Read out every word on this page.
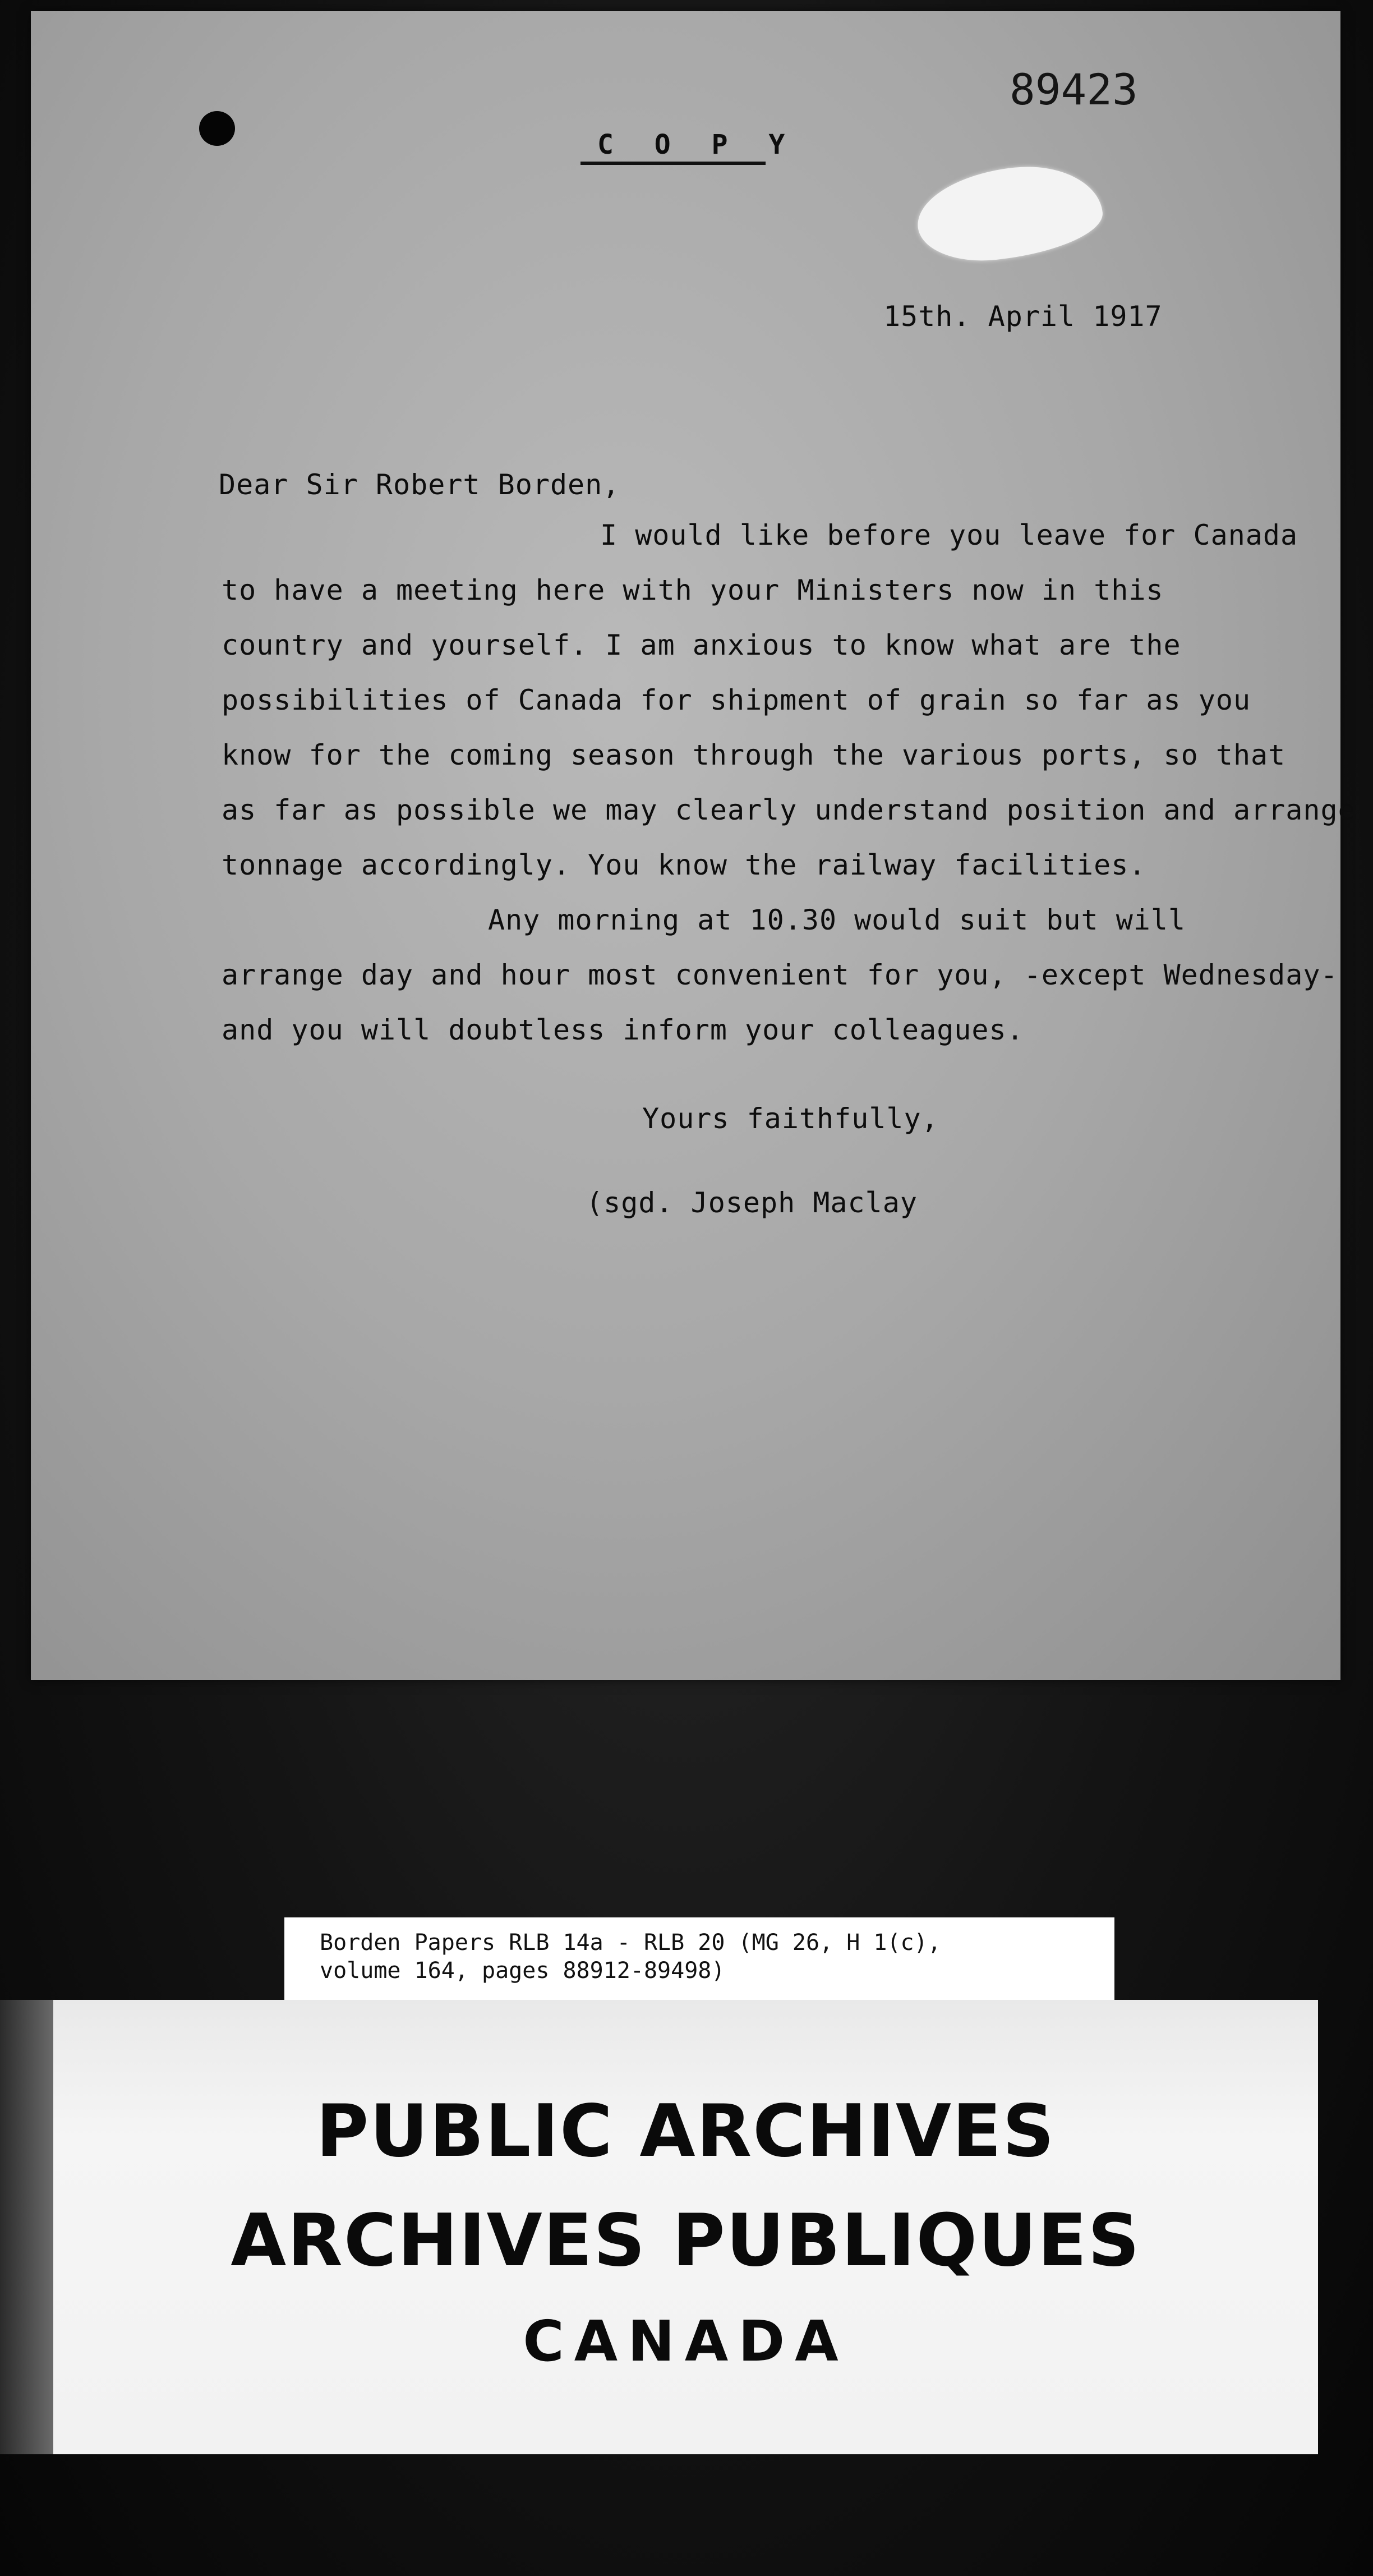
89423
C O P Y
15th. April 1917
Dear Sir Robert Borden,
I would like before you leave for Canada
to have a meeting here with your Ministers now in this
country and yourself. I am anxious to know what are the
possibilities of Canada for shipment of grain so far as you
know for the coming season through the various ports, so that
as far as possible we may clearly understand position and arrange
tonnage accordingly. You know the railway facilities.
Any morning at 10.30 would suit but will
arrange day and hour most convenient for you, -except Wednesday-
and you will doubtless inform your colleagues.
Yours faithfully,
(sgd. Joseph Maclay
Borden Papers RLB 14a - RLB 20 (MG 26, H 1(c),
volume 164, pages 88912-89498)
PUBLIC ARCHIVES
ARCHIVES PUBLIQUES
CANADA
